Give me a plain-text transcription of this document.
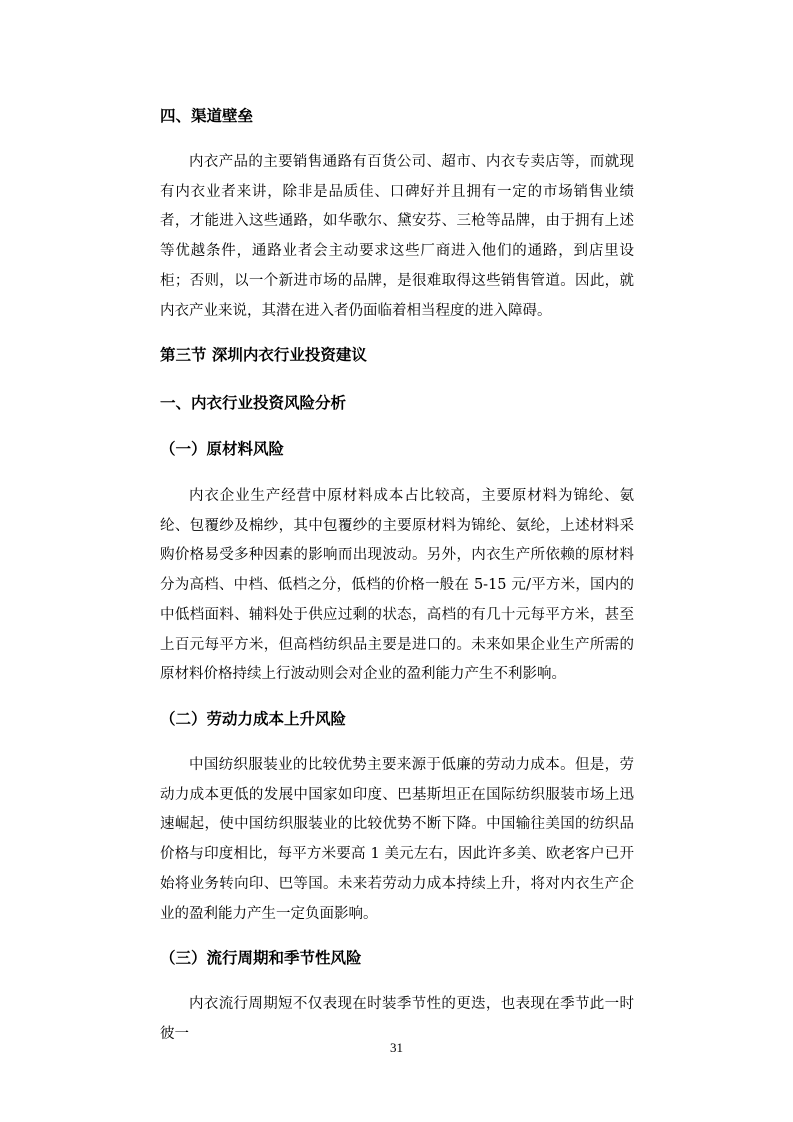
四、渠道壁垒

内衣产品的主要销售通路有百货公司、超市、内衣专卖店等，而就现有内衣业者来讲，除非是品质佳、口碑好并且拥有一定的市场销售业绩者，才能进入这些通路，如华歌尔、黛安芬、三枪等品牌，由于拥有上述等优越条件，通路业者会主动要求这些厂商进入他们的通路，到店里设柜；否则，以一个新进市场的品牌，是很难取得这些销售管道。因此，就内衣产业来说，其潜在进入者仍面临着相当程度的进入障碍。

第三节 深圳内衣行业投资建议
一、内衣行业投资风险分析
（一）原材料风险

内衣企业生产经营中原材料成本占比较高，主要原材料为锦纶、氨纶、包覆纱及棉纱，其中包覆纱的主要原材料为锦纶、氨纶，上述材料采购价格易受多种因素的影响而出现波动。另外，内衣生产所依赖的原材料分为高档、中档、低档之分，低档的价格一般在 5-15 元/平方米，国内的中低档面料、辅料处于供应过剩的状态，高档的有几十元每平方米，甚至上百元每平方米，但高档纺织品主要是进口的。未来如果企业生产所需的原材料价格持续上行波动则会对企业的盈利能力产生不利影响。

（二）劳动力成本上升风险

中国纺织服装业的比较优势主要来源于低廉的劳动力成本。但是，劳动力成本更低的发展中国家如印度、巴基斯坦正在国际纺织服装市场上迅速崛起，使中国纺织服装业的比较优势不断下降。中国输往美国的纺织品价格与印度相比，每平方米要高 1 美元左右，因此许多美、欧老客户已开始将业务转向印、巴等国。未来若劳动力成本持续上升，将对内衣生产企业的盈利能力产生一定负面影响。

（三）流行周期和季节性风险

内衣流行周期短不仅表现在时装季节性的更迭，也表现在季节此一时彼一

31
